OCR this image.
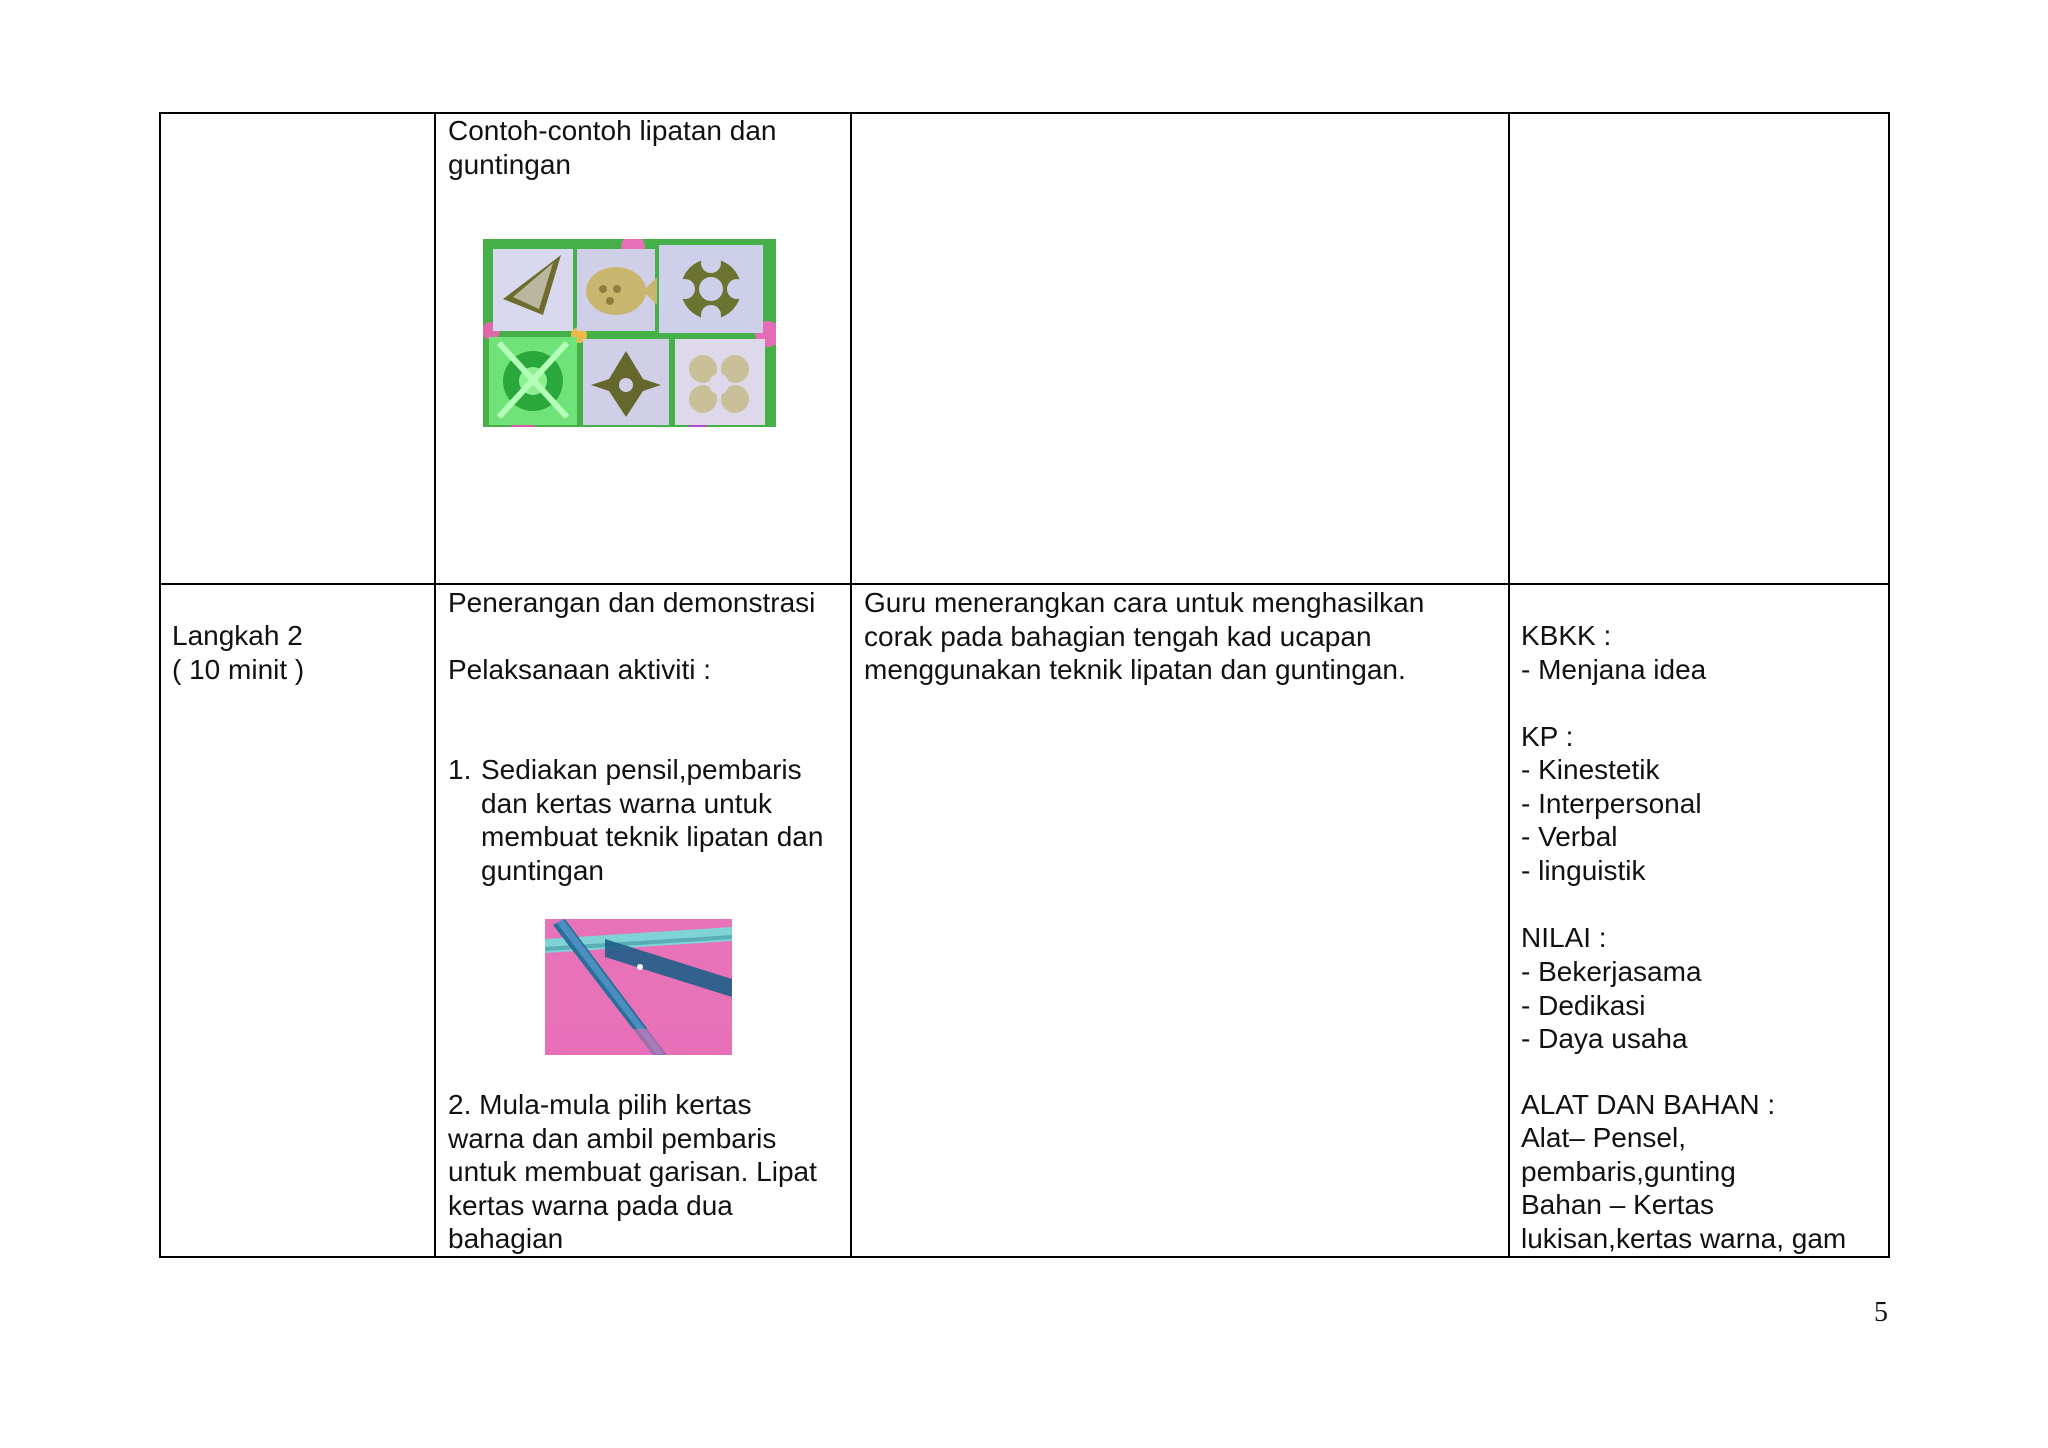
Contoh-contoh lipatan dan
guntingan
Langkah 2
( 10 minit )
Penerangan dan demonstrasi
Pelaksanaan aktiviti :
1. Sediakan pensil,pembaris
dan kertas warna untuk
membuat teknik lipatan dan
guntingan
2. Mula-mula pilih kertas
warna dan ambil pembaris
untuk membuat garisan. Lipat
kertas warna pada dua
bahagian
Guru menerangkan cara untuk menghasilkan
corak pada bahagian tengah kad ucapan
menggunakan teknik lipatan dan guntingan.
KBKK :
- Menjana idea
KP :
- Kinestetik
- Interpersonal
- Verbal
- linguistik
NILAI :
- Bekerjasama
- Dedikasi
- Daya usaha
ALAT DAN BAHAN :
Alat– Pensel,
pembaris,gunting
Bahan – Kertas
lukisan,kertas warna, gam
5
